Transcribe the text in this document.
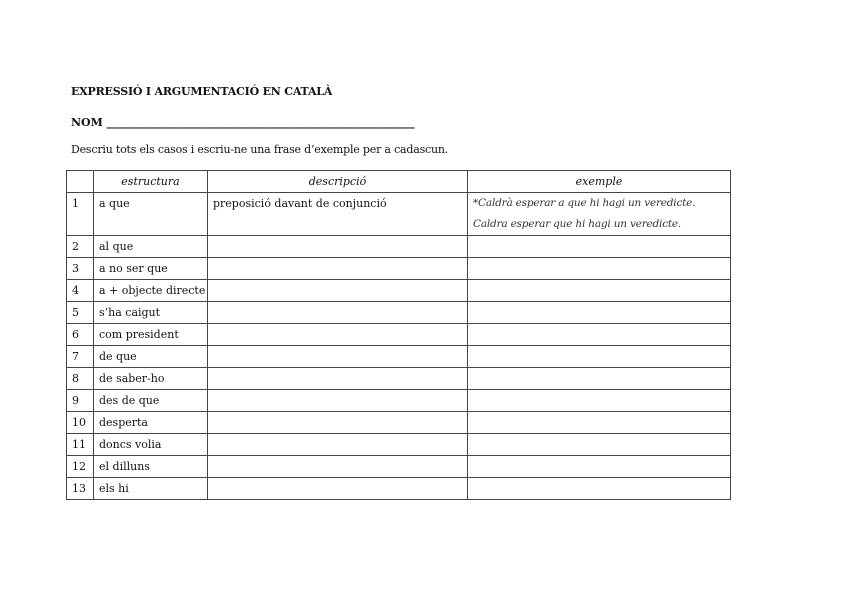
EXPRESSIÓ I ARGUMENTACIÓ EN CATALÀ
NOM ________________________________________________________
Descriu tots els casos i escriu-ne una frase d’exemple per a cadascun.
	estructura	descripció	exemple
1	a que	preposició davant de conjunció	*Caldrà esperar a que hi hagi un veredicte.
Caldra esperar que hi hagi un veredicte.

2	al que		
3	a no ser que		
4	a + objecte directe		
5	s’ha caigut		
6	com president		
7	de que		
8	de saber-ho		
9	des de que		
10	desperta		
11	doncs volia		
12	el dilluns		
13	els hi		
